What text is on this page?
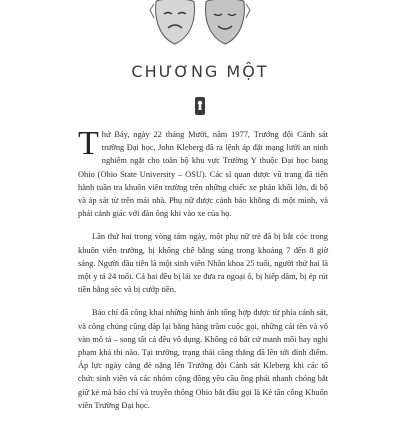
CHƯƠNG MỘT

Thứ Bảy, ngày 22 tháng Mười, năm 1977, Trưởng đội Cảnh sát trường Đại học, John Kleberg đã ra lệnh áp đặt mạng lưới an ninh nghiêm ngặt cho toàn bộ khu vực Trường Y thuộc Đại học bang Ohio (Ohio State University – OSU). Các sĩ quan được vũ trang đã tiến hành tuần tra khuôn viên trường trên những chiếc xe phản khối lớn, đi bộ và áp sát từ trên mái nhà. Phụ nữ được cảnh báo không đi một mình, và phải cảnh giác với đàn ông khi vào xe của họ.

Lần thứ hai trong vòng tám ngày, một phụ nữ trẻ đã bị bắt cóc trong khuôn viên trường, bị khống chế bằng súng trong khoảng 7 đến 8 giờ sáng. Người đầu tiên là một sinh viên Nhãn khoa 25 tuổi, người thứ hai là một y tá 24 tuổi. Cả hai đều bị lái xe đưa ra ngoại ô, bị hiếp dâm, bị ép rút tiền bằng séc và bị cướp tiền.

Báo chí đã công khai những hình ảnh tổng hợp được từ phía cảnh sát, và công chúng cũng đáp lại bằng hàng trăm cuộc gọi, những cái tên và vô vàn mô tả – song tất cả đều vô dụng. Không có bất cứ manh mối hay nghi phạm khả thi nào. Tại trường, trạng thái căng thẳng đã lên tới đỉnh điểm. Áp lực ngày càng đè nặng lên Trưởng đội Cảnh sát Kleberg khi các tổ chức sinh viên và các nhóm cộng đồng yêu cầu ông phải nhanh chóng bắt giữ kẻ mà báo chí và truyền thông Ohio bắt đầu gọi là Kẻ tấn công Khuôn viên Trường Đại học.
